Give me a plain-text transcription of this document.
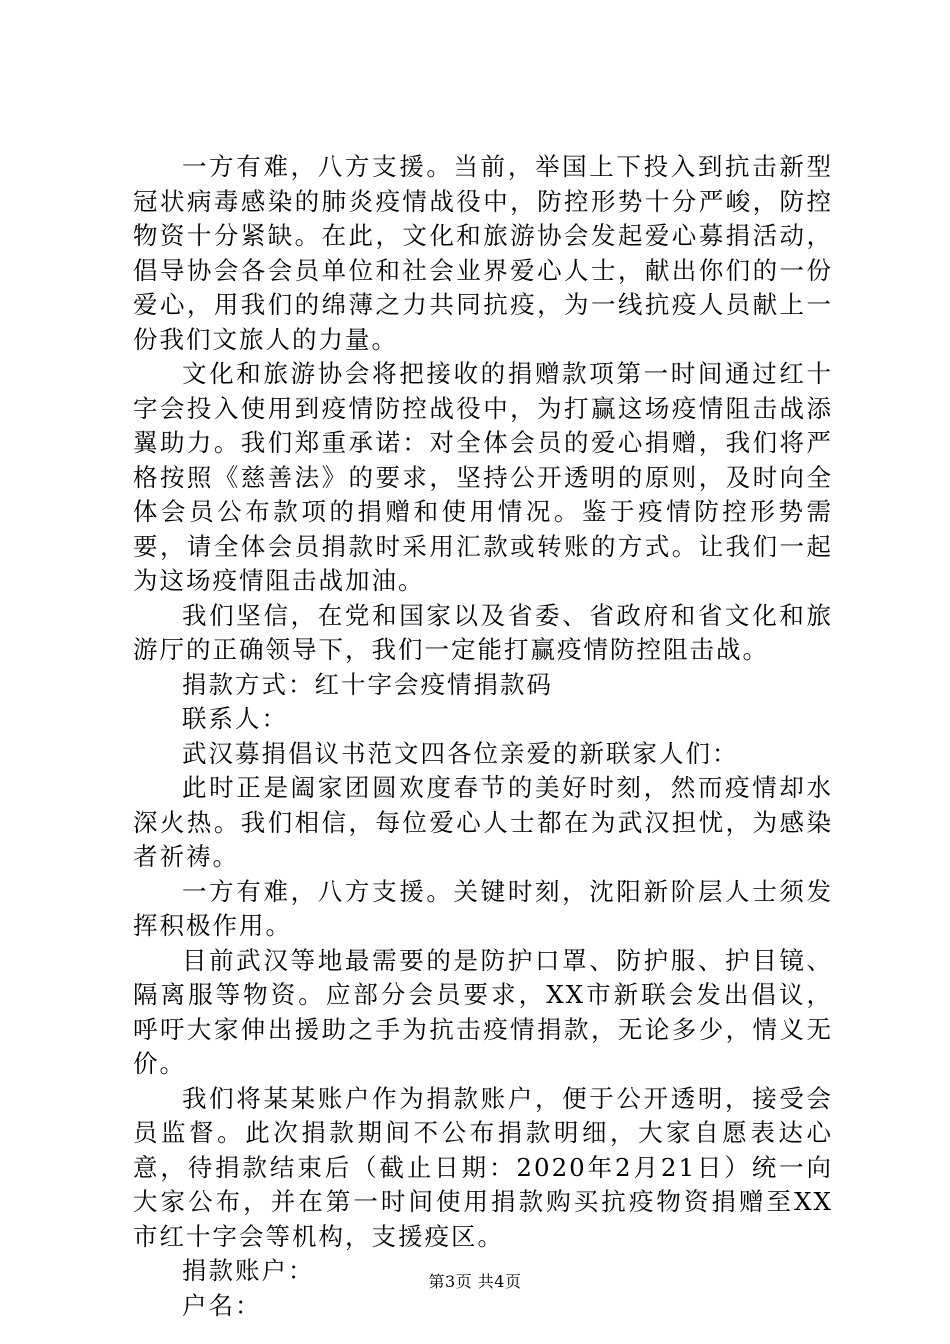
一方有难，八方支援。当前，举国上下投入到抗击新型冠状病毒感染的肺炎疫情战役中，防控形势十分严峻，防控物资十分紧缺。在此，文化和旅游协会发起爱心募捐活动，倡导协会各会员单位和社会业界爱心人士，献出你们的一份爱心，用我们的绵薄之力共同抗疫，为一线抗疫人员献上一份我们文旅人的力量。

文化和旅游协会将把接收的捐赠款项第一时间通过红十字会投入使用到疫情防控战役中，为打赢这场疫情阻击战添翼助力。我们郑重承诺：对全体会员的爱心捐赠，我们将严格按照《慈善法》的要求，坚持公开透明的原则，及时向全体会员公布款项的捐赠和使用情况。鉴于疫情防控形势需要，请全体会员捐款时采用汇款或转账的方式。让我们一起为这场疫情阻击战加油。

我们坚信，在党和国家以及省委、省政府和省文化和旅游厅的正确领导下，我们一定能打赢疫情防控阻击战。

捐款方式：红十字会疫情捐款码

联系人：

武汉募捐倡议书范文四各位亲爱的新联家人们：

此时正是阖家团圆欢度春节的美好时刻，然而疫情却水深火热。我们相信，每位爱心人士都在为武汉担忧，为感染者祈祷。

一方有难，八方支援。关键时刻，沈阳新阶层人士须发挥积极作用。

目前武汉等地最需要的是防护口罩、防护服、护目镜、隔离服等物资。应部分会员要求，XX市新联会发出倡议，呼吁大家伸出援助之手为抗击疫情捐款，无论多少，情义无价。

我们将某某账户作为捐款账户，便于公开透明，接受会员监督。此次捐款期间不公布捐款明细，大家自愿表达心意，待捐款结束后（截止日期：2020年2月21日）统一向大家公布，并在第一时间使用捐款购买抗疫物资捐赠至XX市红十字会等机构，支援疫区。

捐款账户：

户名：

第3页 共4页
